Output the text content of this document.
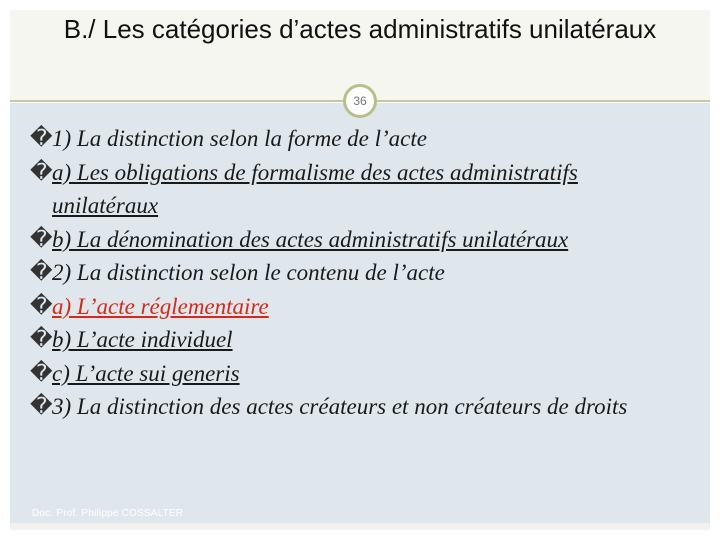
B./ Les catégories d’actes administratifs unilatéraux
36
� 1) La distinction selon la forme de l’acte
� a) Les obligations de formalisme des actes administratifs unilatéraux
� b) La dénomination des actes administratifs unilatéraux
� 2) La distinction selon le contenu de l’acte
� a) L’acte réglementaire
� b) L’acte individuel
� c) L’acte sui generis
� 3) La distinction des actes créateurs et non créateurs de droits
Doc. Prof. Philippe COSSALTER
